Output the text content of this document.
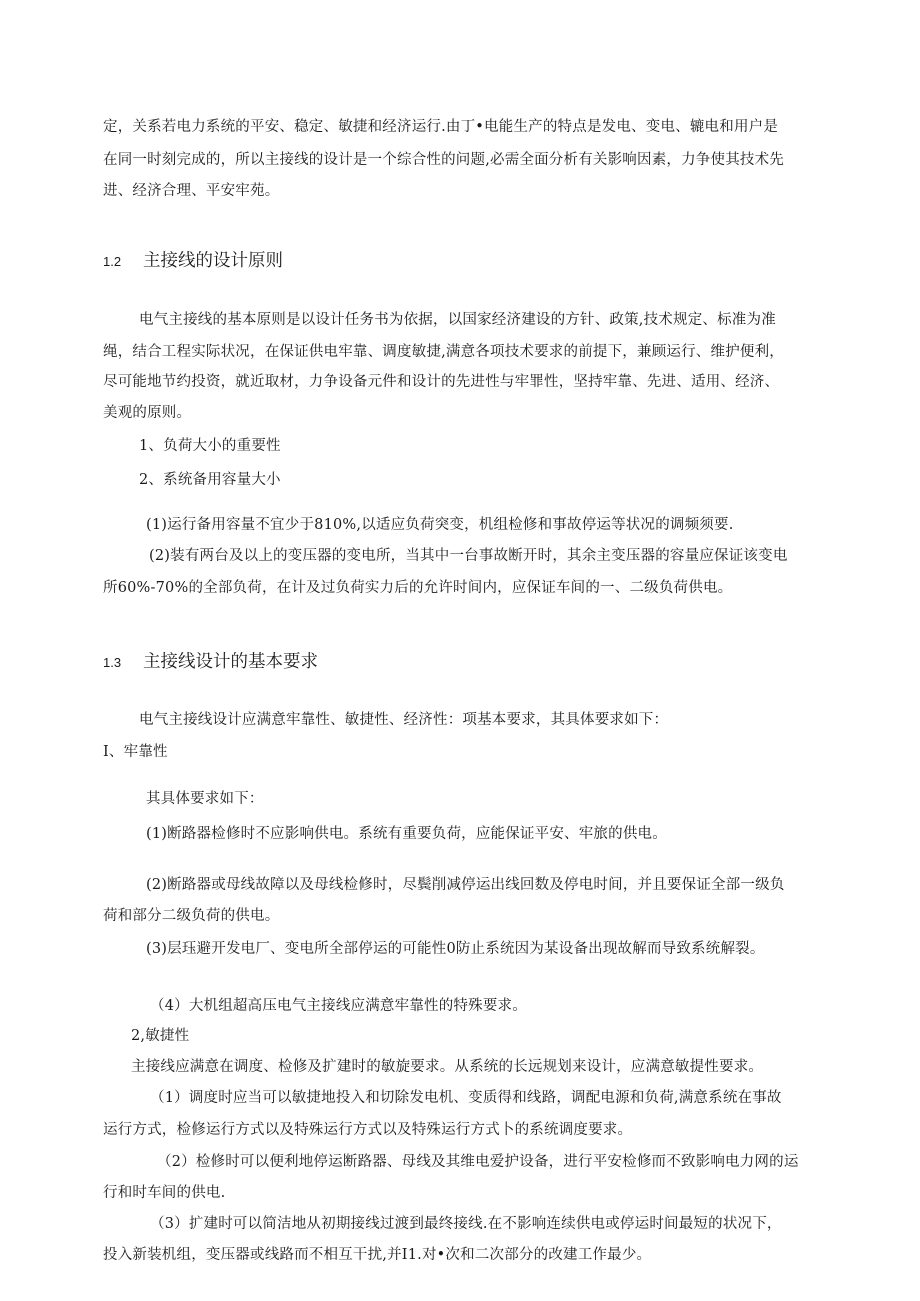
定，关系若电力系统的平安、稳定、敏捷和经济运行.由丁•电能生产的特点是发电、变电、辘电和用户是
在同一时刻完成的，所以主接线的设计是一个综合性的问题,必需全面分析有关影响因素，力争使其技术先
进、经济合理、平安牢苑。
1.2 主接线的设计原则
电气主接线的基本原则是以设计任务书为依据，以国家经济建设的方针、政策,技术规定、标准为准
绳，结合工程实际状况，在保证供电牢靠、调度敏捷,满意各项技术要求的前提下，兼顾运行、维护便利，
尽可能地节约投资，就近取材，力争设备元件和设计的先进性与牢罪性，坚持牢靠、先进、适用、经济、
美观的原则。
1、负荷大小的重要性
2、系统备用容量大小
(1)运行备用容量不宜少于810%,以适应负荷突变，机组检修和事故停运等状况的调频须要.
(2)装有两台及以上的变压器的变电所，当其中一台事故断开时，其余主变压器的容量应保证该变电
所60%-70%的全部负荷，在计及过负荷实力后的允许时间内，应保证车间的一、二级负荷供电。
1.3 主接线设计的基本要求
电气主接线设计应满意牢靠性、敏捷性、经济性：项基本要求，其具体要求如下：
I、牢靠性
其具体要求如下：
(1)断路器检修时不应影响供电。系统有重要负荷，应能保证平安、牢旅的供电。
(2)断路器或母线故障以及母线检修时，尽鬓削减停运出线回数及停电时间，并且要保证全部一级负
荷和部分二级负荷的供电。
(3)层珏避开发电厂、变电所全部停运的可能性0防止系统因为某设备出现故解而导致系统解裂。
（4）大机组超高压电气主接线应满意牢靠性的特殊要求。
2,敏捷性
主接线应满意在调度、检修及扩建时的敏旋要求。从系统的长远规划来设计，应满意敏提性要求。
（1）调度时应当可以敏捷地投入和切除发电机、变质得和线路，调配电源和负荷,满意系统在事故
运行方式，检修运行方式以及特殊运行方式以及特殊运行方式卜的系统调度要求。
（2）检修时可以便利地停运断路器、母线及其维电爱护设备，进行平安检修而不致影响电力网的运
行和时车间的供电.
（3）扩建时可以简洁地从初期接线过渡到最终接线.在不影响连续供电或停运时间最短的状况下，
投入新装机组，变压器或线路而不相互干扰,并I1.对•次和二次部分的改建工作最少。
